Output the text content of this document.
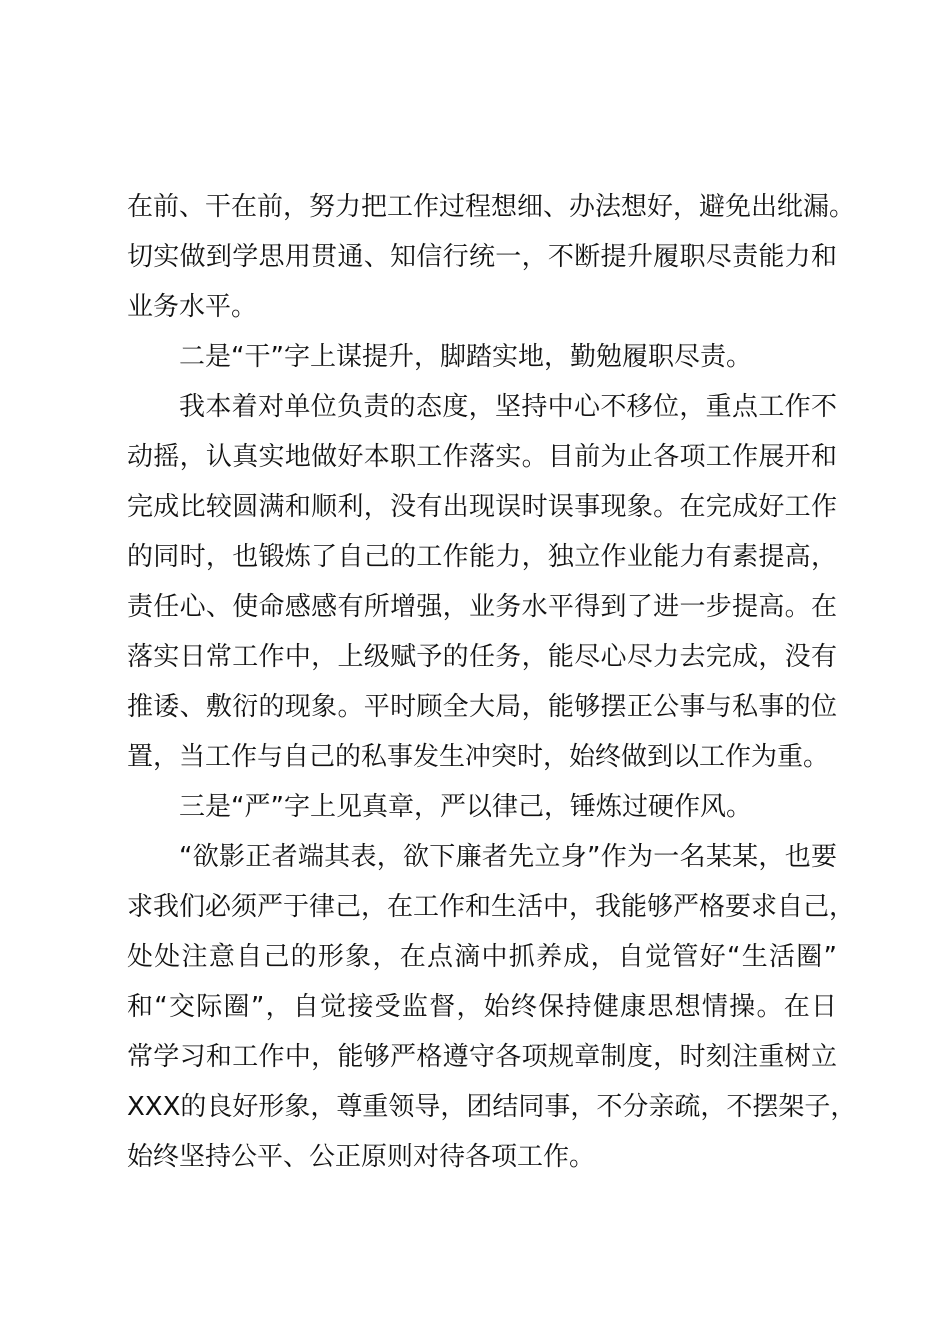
在前、干在前，努力把工作过程想细、办法想好，避免出纰漏。
切实做到学思用贯通、知信行统一，不断提升履职尽责能力和
业务水平。
二是“干”字上谋提升，脚踏实地，勤勉履职尽责。
我本着对单位负责的态度，坚持中心不移位，重点工作不
动摇，认真实地做好本职工作落实。目前为止各项工作展开和
完成比较圆满和顺利，没有出现误时误事现象。在完成好工作
的同时，也锻炼了自己的工作能力，独立作业能力有素提高，
责任心、使命感感有所增强，业务水平得到了进一步提高。在
落实日常工作中，上级赋予的任务，能尽心尽力去完成，没有
推诿、敷衍的现象。平时顾全大局，能够摆正公事与私事的位
置，当工作与自己的私事发生冲突时，始终做到以工作为重。
三是“严”字上见真章，严以律己，锤炼过硬作风。
“欲影正者端其表，欲下廉者先立身”作为一名某某，也要
求我们必须严于律己，在工作和生活中，我能够严格要求自己，
处处注意自己的形象，在点滴中抓养成，自觉管好“生活圈”
和“交际圈”，自觉接受监督，始终保持健康思想情操。在日
常学习和工作中，能够严格遵守各项规章制度，时刻注重树立
XXX的良好形象，尊重领导，团结同事，不分亲疏，不摆架子，
始终坚持公平、公正原则对待各项工作。
